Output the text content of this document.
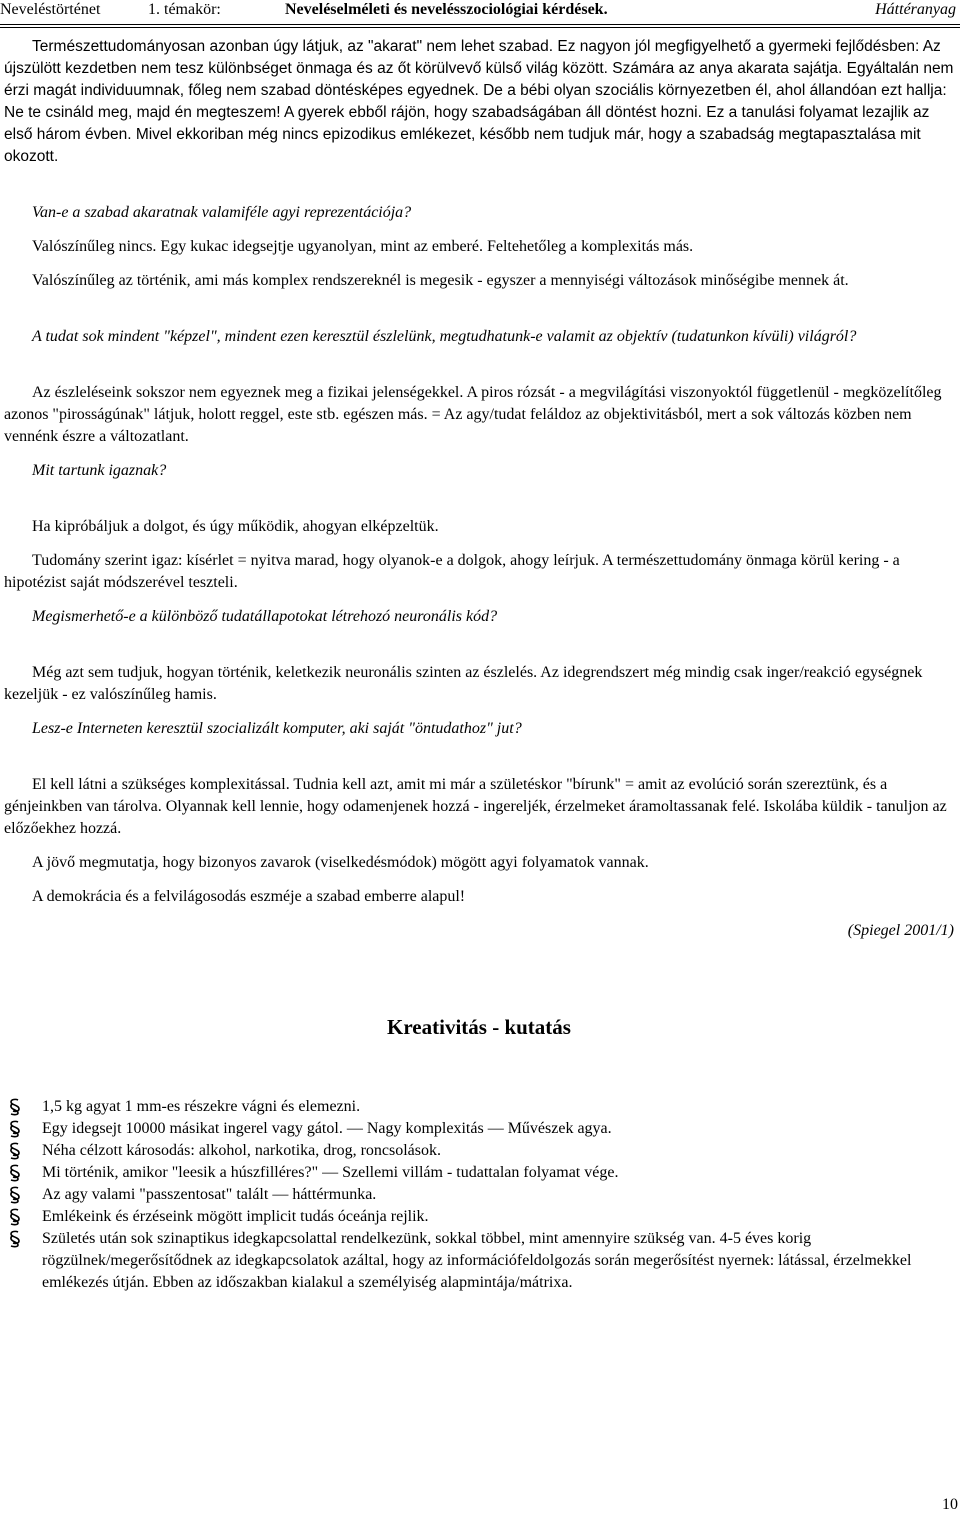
Neveléstörténet	1. témakör:	Neveléselméleti és nevelésszociológiai kérdések.	Háttéranyag

Természettudományosan azonban úgy látjuk, az "akarat" nem lehet szabad. Ez nagyon jól megfigyelhető a gyermeki fejlődésben: Az újszülött kezdetben nem tesz különbséget önmaga és az őt körülvevő külső világ között. Számára az anya akarata sajátja. Egyáltalán nem érzi magát individuumnak, főleg nem szabad döntésképes egyednek. De a bébi olyan szociális környezetben él, ahol állandóan ezt hallja: Ne te csináld meg, majd én megteszem! A gyerek ebből rájön, hogy szabadságában áll döntést hozni. Ez a tanulási folyamat lezajlik az első három évben. Mivel ekkoriban még nincs epizodikus emlékezet, később nem tudjuk már, hogy a szabadság megtapasztalása mit okozott.

Van-e a szabad akaratnak valamiféle agyi reprezentációja?

Valószínűleg nincs. Egy kukac idegsejtje ugyanolyan, mint az emberé. Feltehetőleg a komplexitás más.

Valószínűleg az történik, ami más komplex rendszereknél is megesik - egyszer a mennyiségi változások minőségibe mennek át.

A tudat sok mindent "képzel", mindent ezen keresztül észlelünk, megtudhatunk-e valamit az objektív (tudatunkon kívüli) világról?

Az észleléseink sokszor nem egyeznek meg a fizikai jelenségekkel. A piros rózsát - a megvilágítási viszonyoktól függetlenül - megközelítőleg azonos "pirosságúnak" látjuk, holott reggel, este stb. egészen más. = Az agy/tudat feláldoz az objektivitásból, mert a sok változás közben nem vennénk észre a változatlant.

Mit tartunk igaznak?

Ha kipróbáljuk a dolgot, és úgy működik, ahogyan elképzeltük.

Tudomány szerint igaz: kísérlet = nyitva marad, hogy olyanok-e a dolgok, ahogy leírjuk. A természettudomány önmaga körül kering - a hipotézist saját módszerével teszteli.

Megismerhető-e a különböző tudatállapotokat létrehozó neuronális kód?

Még azt sem tudjuk, hogyan történik, keletkezik neuronális szinten az észlelés. Az idegrendszert még mindig csak inger/reakció egységnek kezeljük - ez valószínűleg hamis.

Lesz-e Interneten keresztül szocializált komputer, aki saját "öntudathoz" jut?

El kell látni a szükséges komplexitással. Tudnia kell azt, amit mi már a születéskor "bírunk" = amit az evolúció során szereztünk, és a génjeinkben van tárolva. Olyannak kell lennie, hogy odamenjenek hozzá - ingereljék, érzelmeket áramoltassanak felé. Iskolába küldik - tanuljon az előzőekhez hozzá.

A jövő megmutatja, hogy bizonyos zavarok (viselkedésmódok) mögött agyi folyamatok vannak.

A demokrácia és a felvilágosodás eszméje a szabad emberre alapul!

(Spiegel 2001/1)

Kreativitás - kutatás

1,5 kg agyat 1 mm-es részekre vágni és elemezni.
Egy idegsejt 10000 másikat ingerel vagy gátol. — Nagy komplexitás — Művészek agya.
Néha célzott károsodás: alkohol, narkotika, drog, roncsolások.
Mi történik, amikor "leesik a húszfilléres?" — Szellemi villám - tudattalan folyamat vége.
Az agy valami "passzentosat" talált — háttérmunka.
Emlékeink és érzéseink mögött implicit tudás óceánja rejlik.
Születés után sok szinaptikus idegkapcsolattal rendelkezünk, sokkal többel, mint amennyire szükség van. 4-5 éves korig rögzülnek/megerősítődnek az idegkapcsolatok azáltal, hogy az információfeldolgozás során megerősítést nyernek: látással, érzelmekkel emlékezés útján. Ebben az időszakban kialakul a személyiség alapmintája/mátrixa.
10
